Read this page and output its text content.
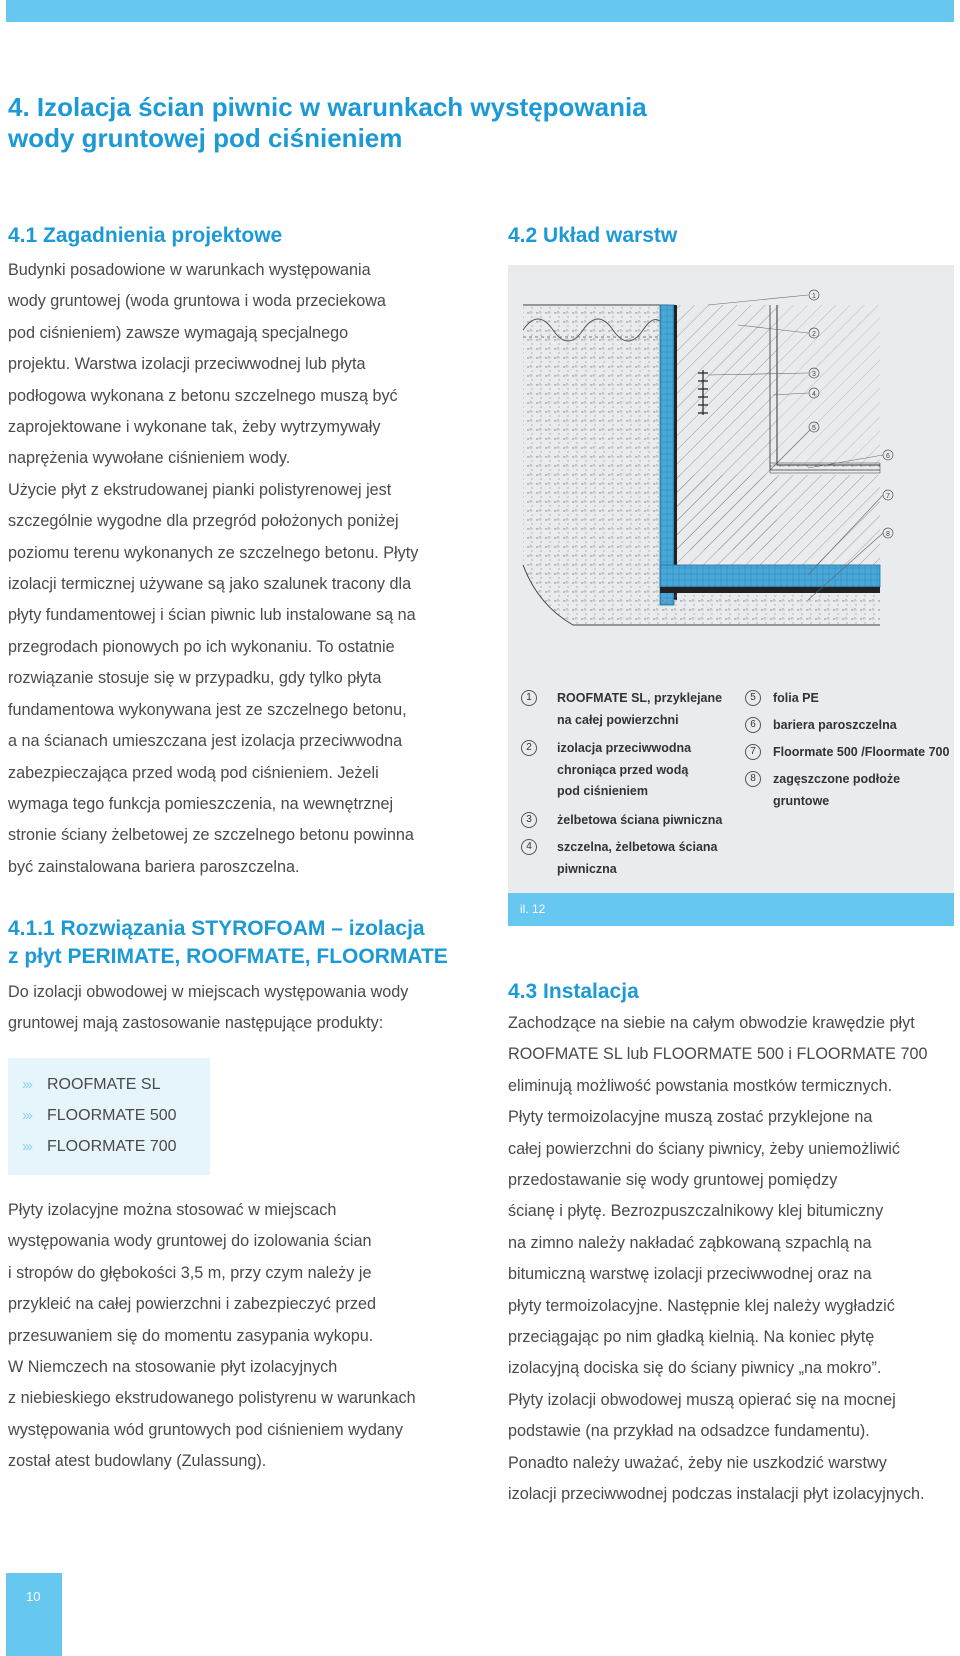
4. Izolacja ścian piwnic w warunkach występowania
wody gruntowej pod ciśnieniem
4.1 Zagadnienia projektowe
Budynki posadowione w warunkach występowania
wody gruntowej (woda gruntowa i woda przeciekowa
pod ciśnieniem) zawsze wymagają specjalnego
projektu. Warstwa izolacji przeciwwodnej lub płyta
podłogowa wykonana z betonu szczelnego muszą być
zaprojektowane i wykonane tak, żeby wytrzymywały
naprężenia wywołane ciśnieniem wody.
Użycie płyt z ekstrudowanej pianki polistyrenowej jest
szczególnie wygodne dla przegród położonych poniżej
poziomu terenu wykonanych ze szczelnego betonu. Płyty
izolacji termicznej używane są jako szalunek tracony dla
płyty fundamentowej i ścian piwnic lub instalowane są na
przegrodach pionowych po ich wykonaniu. To ostatnie
rozwiązanie stosuje się w przypadku, gdy tylko płyta
fundamentowa wykonywana jest ze szczelnego betonu,
a na ścianach umieszczana jest izolacja przeciwwodna
zabezpieczająca przed wodą pod ciśnieniem. Jeżeli
wymaga tego funkcja pomieszczenia, na wewnętrznej
stronie ściany żelbetowej ze szczelnego betonu powinna
być zainstalowana bariera paroszczelna.
4.1.1 Rozwiązania STYROFOAM – izolacja
z płyt PERIMATE, ROOFMATE, FLOORMATE
Do izolacji obwodowej w miejscach występowania wody
gruntowej mają zastosowanie następujące produkty:
››› ROOFMATE SL
››› FLOORMATE 500
››› FLOORMATE 700
Płyty izolacyjne można stosować w miejscach
występowania wody gruntowej do izolowania ścian
i stropów do głębokości 3,5 m, przy czym należy je
przykleić na całej powierzchni i zabezpieczyć przed
przesuwaniem się do momentu zasypania wykopu.
W Niemczech na stosowanie płyt izolacyjnych
z niebieskiego ekstrudowanego polistyrenu w warunkach
występowania wód gruntowych pod ciśnieniem wydany
został atest budowlany (Zulassung).
4.2 Układ warstw
1
2
3
4
5
6
7
8
1	ROOFMATE SL, przyklejane
na całej powierzchni
2	izolacja przeciwwodna
chroniąca przed wodą
pod ciśnieniem
3	żelbetowa ściana piwniczna
4	szczelna, żelbetowa ściana
piwniczna
5	folia PE
6	bariera paroszczelna
7	Floormate 500 /Floormate 700
8	zagęszczone podłoże
gruntowe
il. 12
4.3 Instalacja
Zachodzące na siebie na całym obwodzie krawędzie płyt
ROOFMATE SL lub FLOORMATE 500 i FLOORMATE 700
eliminują możliwość powstania mostków termicznych.
Płyty termoizolacyjne muszą zostać przyklejone na
całej powierzchni do ściany piwnicy, żeby uniemożliwić
przedostawanie się wody gruntowej pomiędzy
ścianę i płytę. Bezrozpuszczalnikowy klej bitumiczny
na zimno należy nakładać ząbkowaną szpachlą na
bitumiczną warstwę izolacji przeciwwodnej oraz na
płyty termoizolacyjne. Następnie klej należy wygładzić
przeciągając po nim gładką kielnią. Na koniec płytę
izolacyjną dociska się do ściany piwnicy „na mokro”.
Płyty izolacji obwodowej muszą opierać się na mocnej
podstawie (na przykład na odsadzce fundamentu).
Ponadto należy uważać, żeby nie uszkodzić warstwy
izolacji przeciwwodnej podczas instalacji płyt izolacyjnych.
10
